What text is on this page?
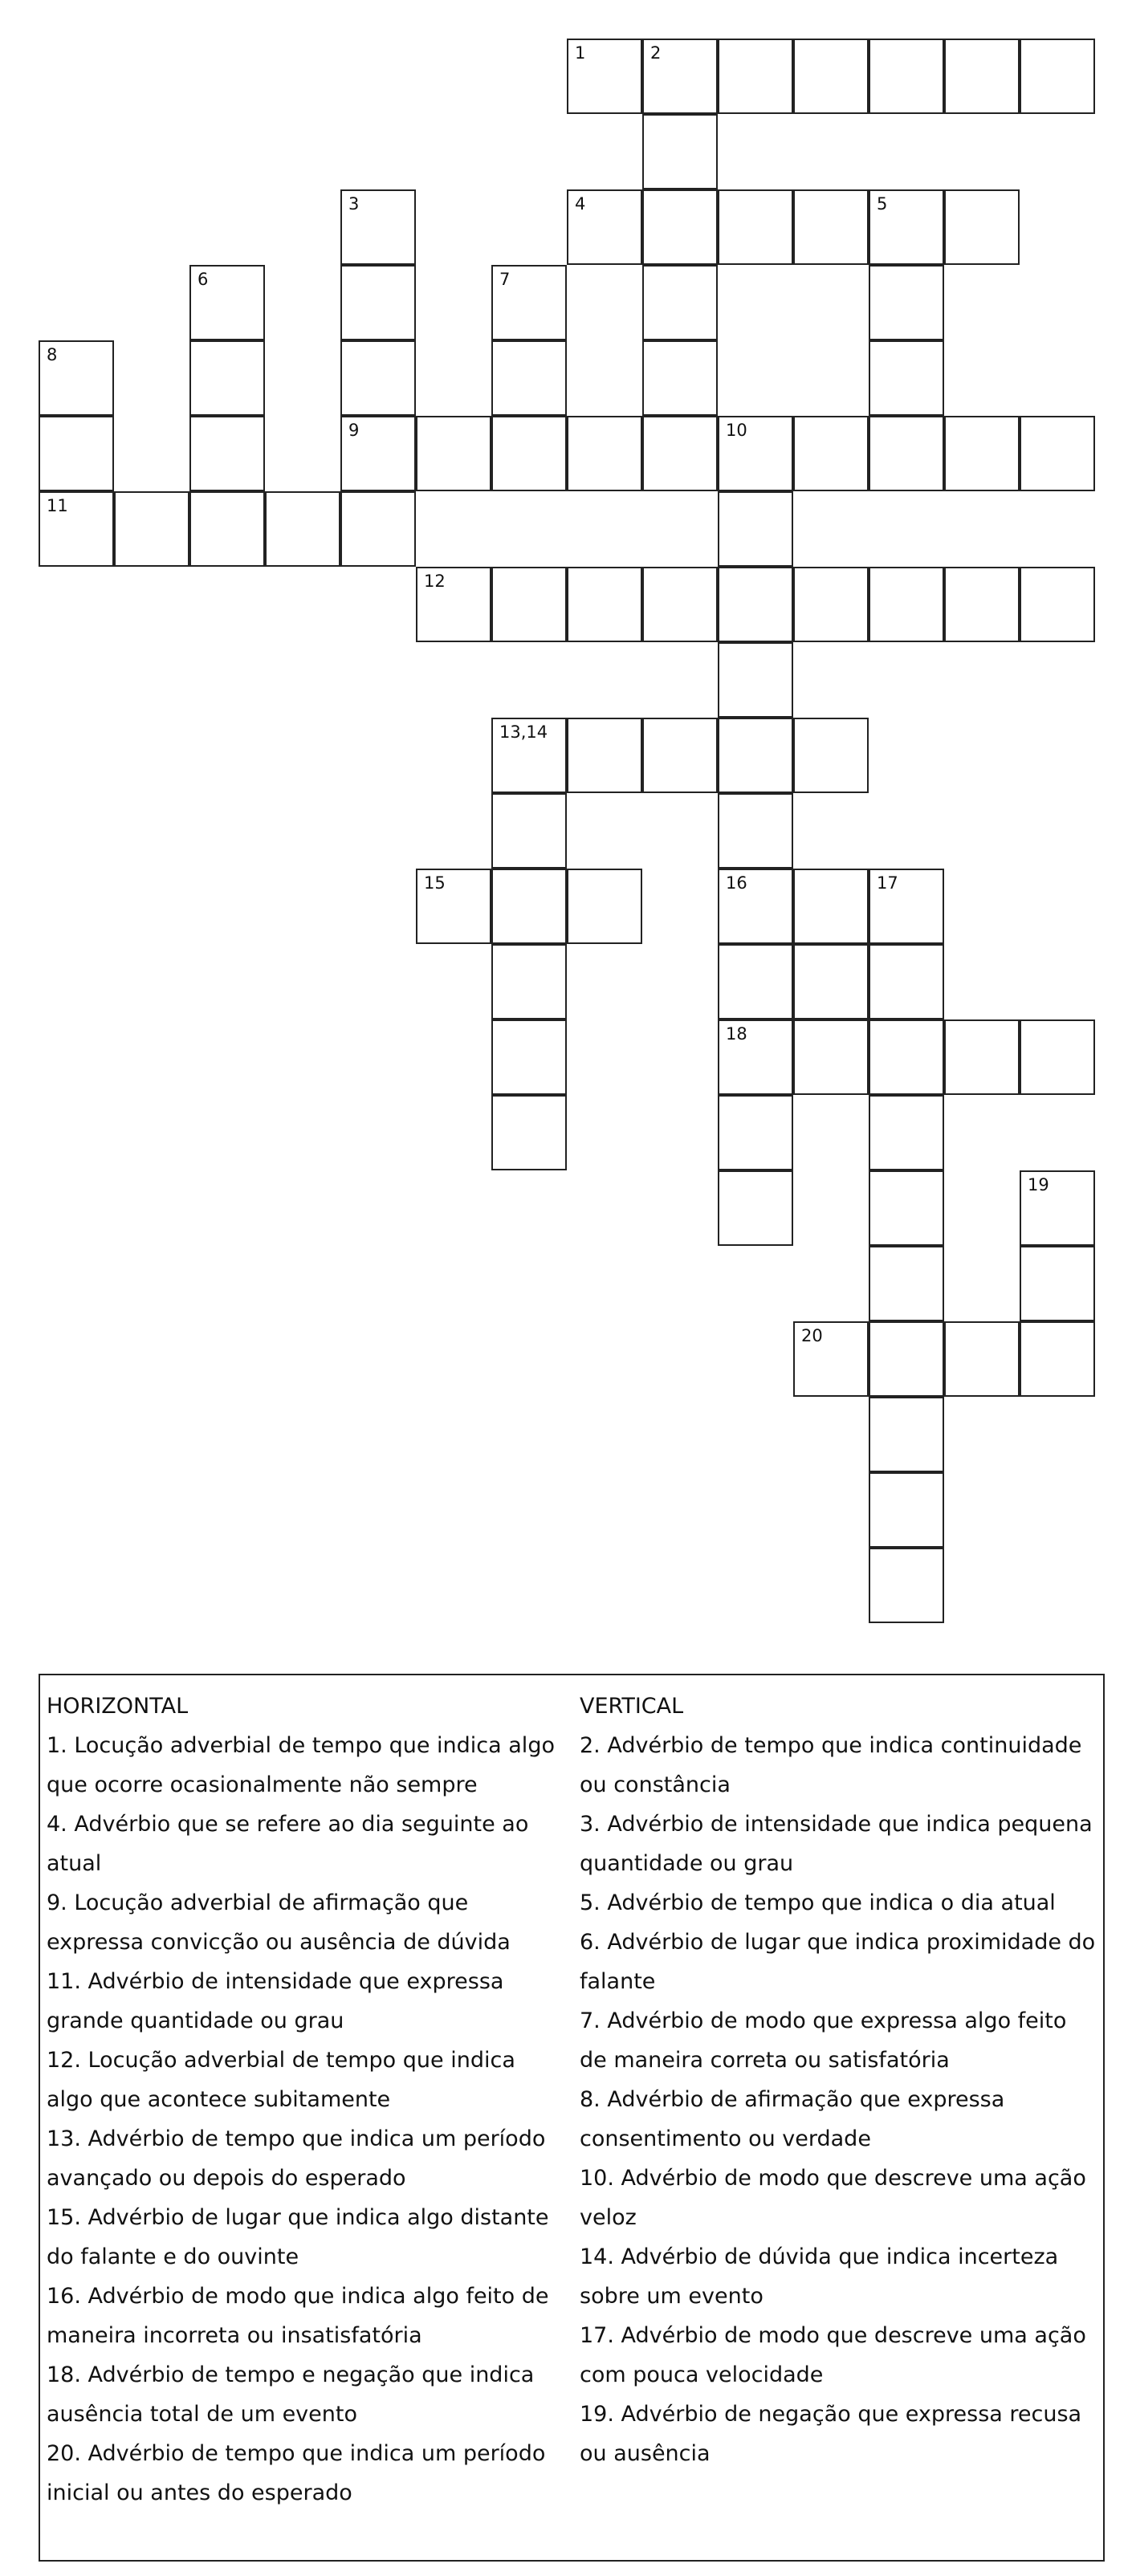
1	2
3	4	5
6	7
8
9	10
11
12
13,14
15	16	17
18
19
20

HORIZONTAL

1. Locução adverbial de tempo que indica algo que ocorre ocasionalmente não sempre

4. Advérbio que se refere ao dia seguinte ao atual

9. Locução adverbial de afirmação que expressa convicção ou ausência de dúvida

11. Advérbio de intensidade que expressa grande quantidade ou grau

12. Locução adverbial de tempo que indica algo que acontece subitamente

13. Advérbio de tempo que indica um período avançado ou depois do esperado

15. Advérbio de lugar que indica algo distante do falante e do ouvinte

16. Advérbio de modo que indica algo feito de maneira incorreta ou insatisfatória

18. Advérbio de tempo e negação que indica ausência total de um evento

20. Advérbio de tempo que indica um período inicial ou antes do esperado

VERTICAL

2. Advérbio de tempo que indica continuidade ou constância

3. Advérbio de intensidade que indica pequena quantidade ou grau

5. Advérbio de tempo que indica o dia atual

6. Advérbio de lugar que indica proximidade do falante

7. Advérbio de modo que expressa algo feito de maneira correta ou satisfatória

8. Advérbio de afirmação que expressa consentimento ou verdade

10. Advérbio de modo que descreve uma ação veloz

14. Advérbio de dúvida que indica incerteza sobre um evento

17. Advérbio de modo que descreve uma ação com pouca velocidade

19. Advérbio de negação que expressa recusa ou ausência
